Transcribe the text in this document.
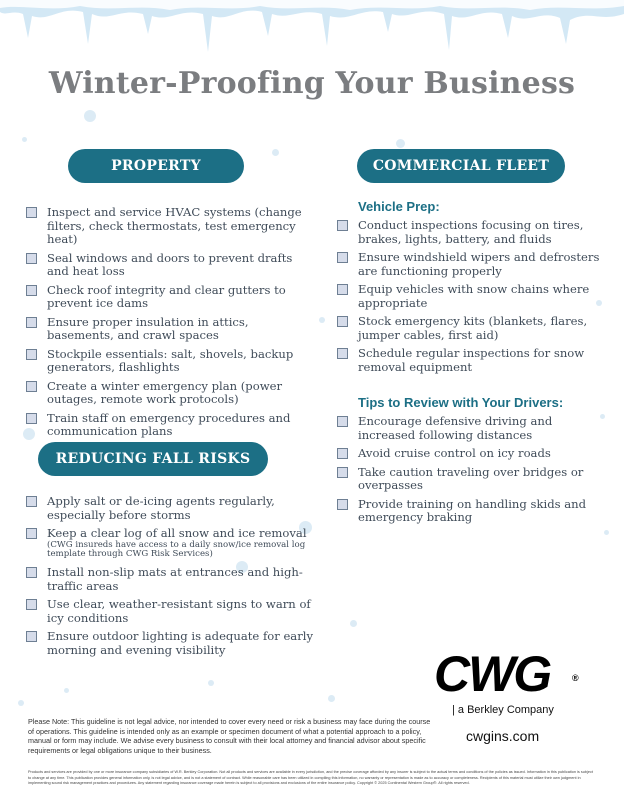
Winter-Proofing Your Business
PROPERTY
Inspect and service HVAC systems (change filters, check thermostats, test emergency heat)
Seal windows and doors to prevent drafts and heat loss
Check roof integrity and clear gutters to prevent ice dams
Ensure proper insulation in attics, basements, and crawl spaces
Stockpile essentials: salt, shovels, backup generators, flashlights
Create a winter emergency plan (power outages, remote work protocols)
Train staff on emergency procedures and communication plans
REDUCING FALL RISKS
Apply salt or de-icing agents regularly, especially before storms
Keep a clear log of all snow and ice removal
(CWG insureds have access to a daily snow/ice removal log template through CWG Risk Services)
Install non-slip mats at entrances and high-traffic areas
Use clear, weather-resistant signs to warn of icy conditions
Ensure outdoor lighting is adequate for early morning and evening visibility
COMMERCIAL FLEET
Vehicle Prep:
Conduct inspections focusing on tires, brakes, lights, battery, and fluids
Ensure windshield wipers and defrosters are functioning properly
Equip vehicles with snow chains where appropriate
Stock emergency kits (blankets, flares, jumper cables, first aid)
Schedule regular inspections for snow removal equipment
Tips to Review with Your Drivers:
Encourage defensive driving and increased following distances
Avoid cruise control on icy roads
Take caution traveling over bridges or overpasses
Provide training on handling skids and emergency braking
CWG ®
| a Berkley Company
cwgins.com
Please Note: This guideline is not legal advice, nor intended to cover every need or risk a business may face during the course of operations. This guideline is intended only as an example or specimen document of what a potential approach to a policy, manual or form may include. We advise every business to consult with their local attorney and financial advisor about specific requirements or legal obligations unique to their business.
Products and services are provided by one or more insurance company subsidiaries of W.R. Berkley Corporation. Not all products and services are available in every jurisdiction, and the precise coverage afforded by any insurer is subject to the actual terms and conditions of the policies as issued. Information in this publication is subject to change at any time. This publication provides general information only, is not legal advice, and is not a statement of contract. While reasonable care has been utilized in compiling this information, no warranty or representation is made as to accuracy or completeness. Recipients of this material must utilize their own judgment in implementing sound risk management practices and procedures. Any statement regarding insurance coverage made herein is subject to all provisions and exclusions of the entire insurance policy. Copyright © 2025 Continental Western Group®. All rights reserved.
